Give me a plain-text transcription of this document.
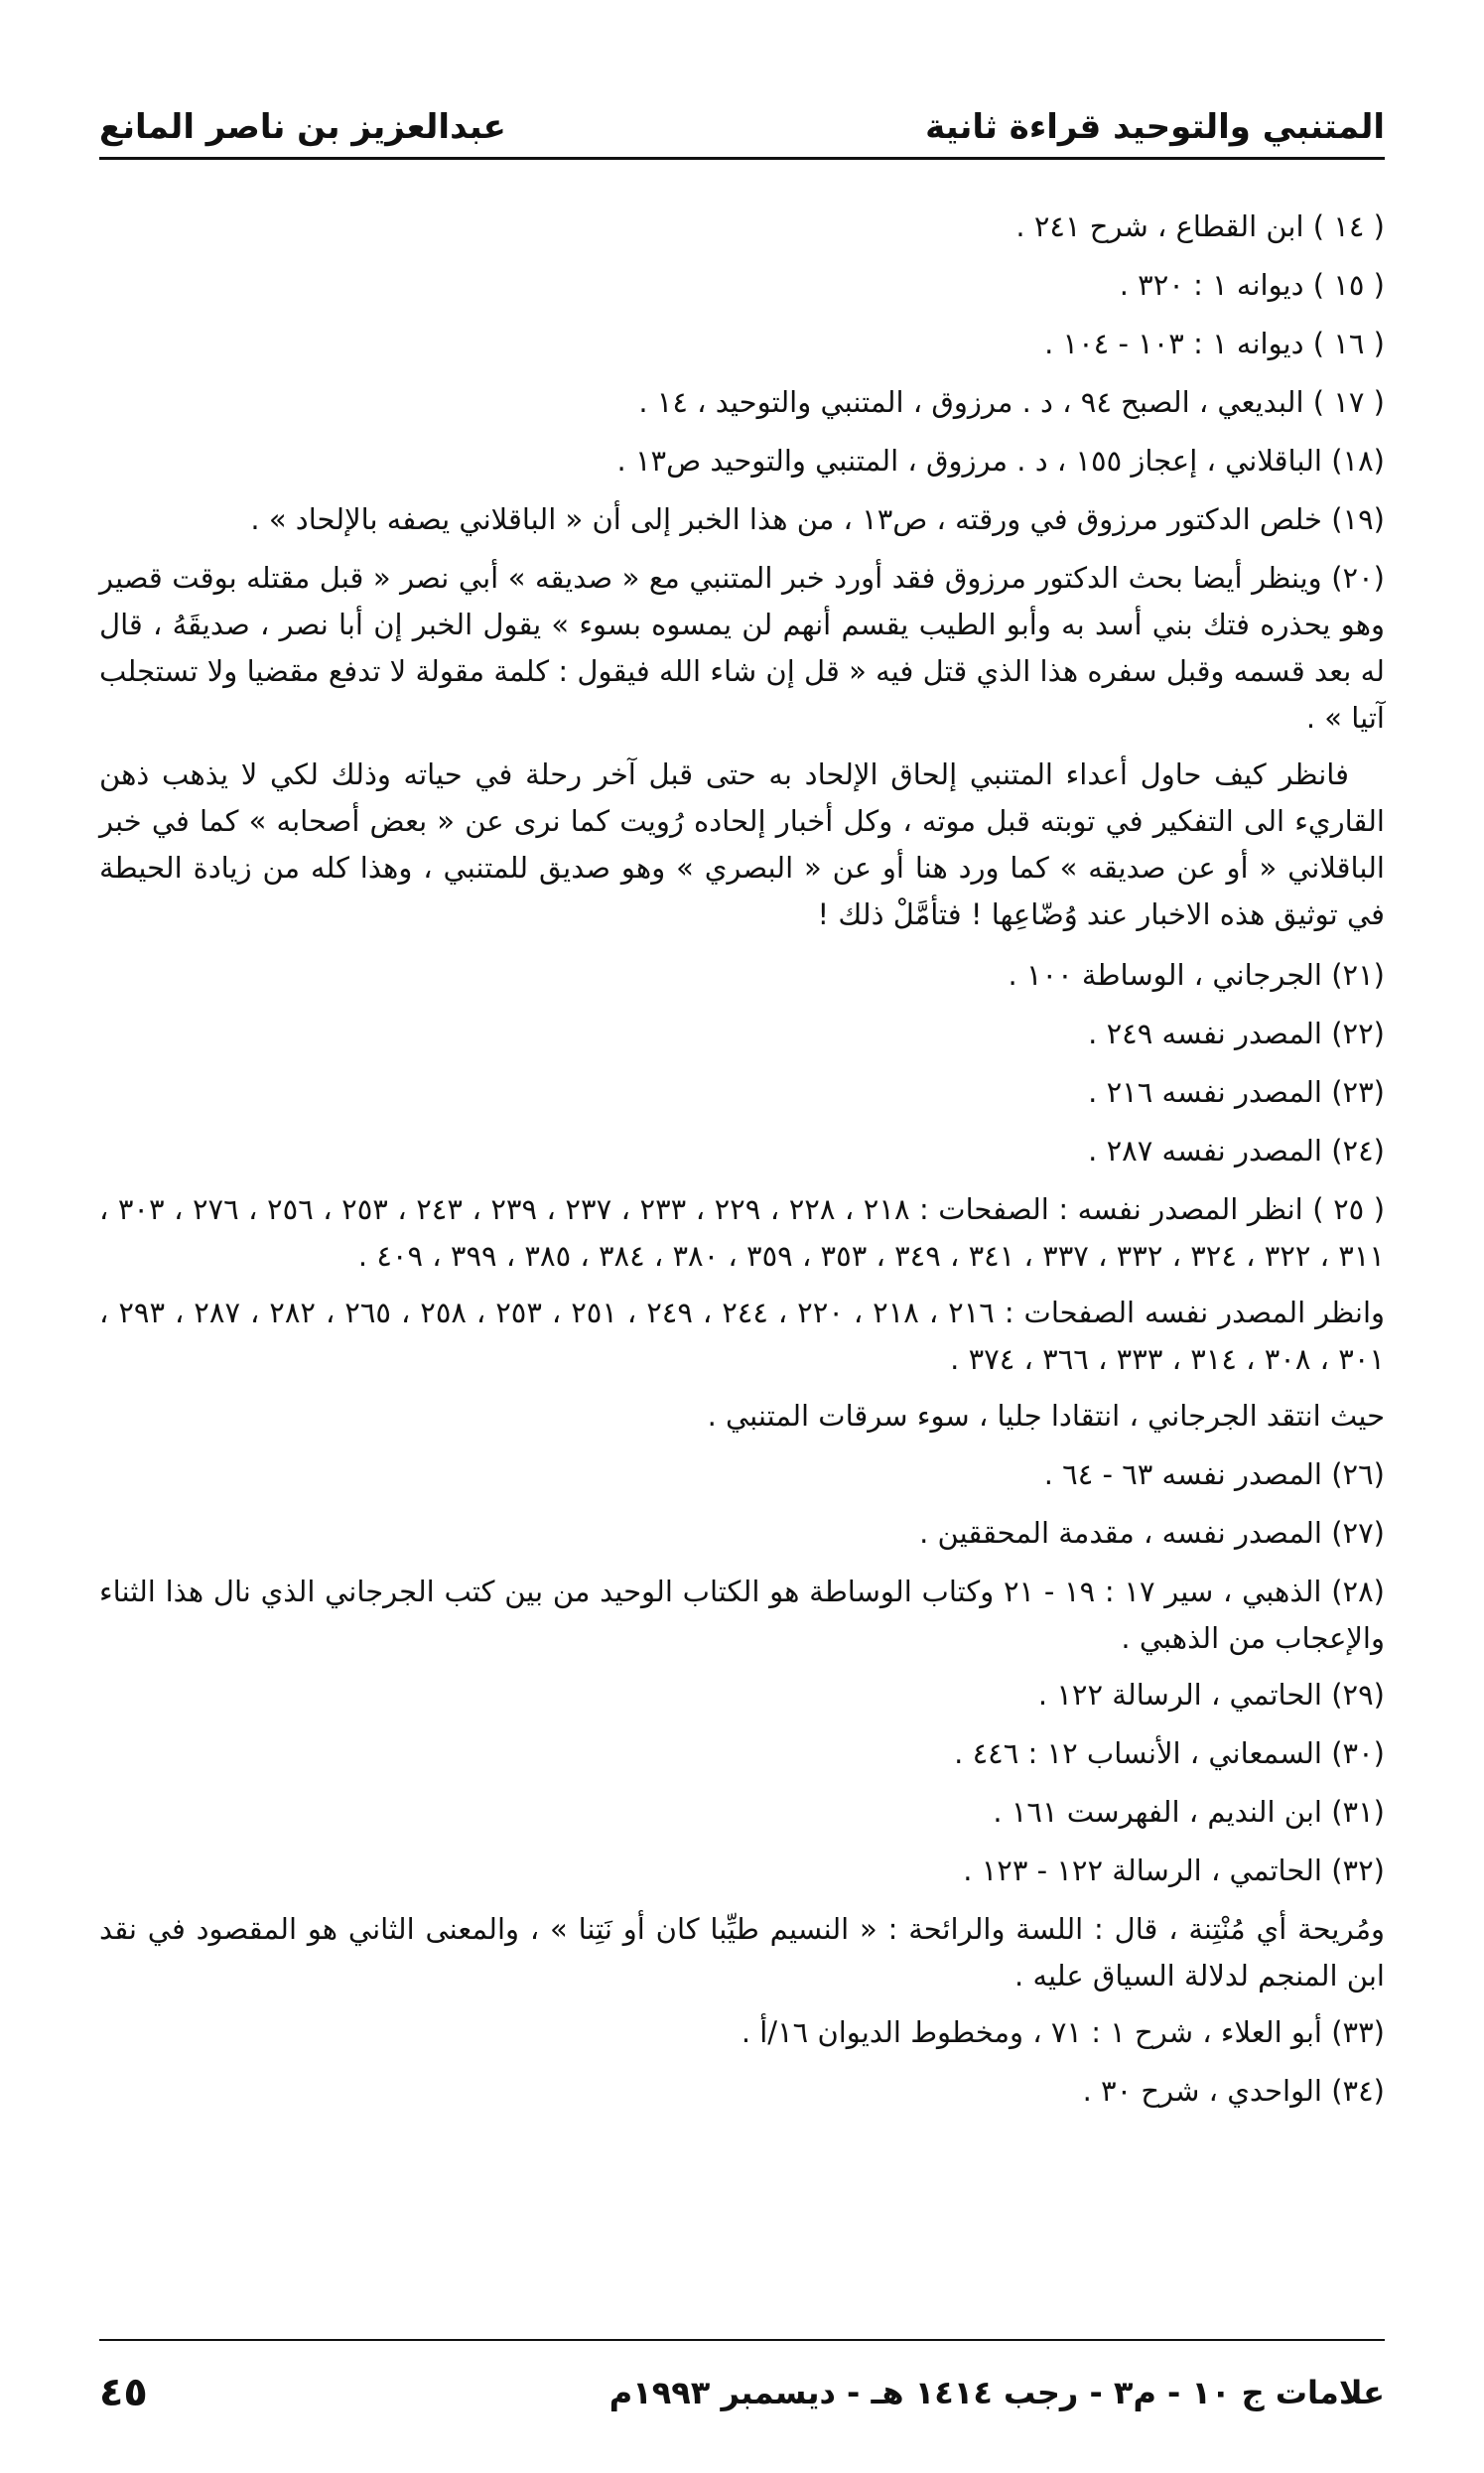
المتنبي والتوحيد قراءة ثانية
عبدالعزيز بن ناصر المانع

( ١٤ ) ابن القطاع ، شرح ٢٤١ .

( ١٥ ) ديوانه ١ : ٣٢٠ .

( ١٦ ) ديوانه ١ : ١٠٣ - ١٠٤ .

( ١٧ ) البديعي ، الصبح ٩٤ ، د . مرزوق ، المتنبي والتوحيد ، ١٤ .

(١٨) الباقلاني ، إعجاز ١٥٥ ، د . مرزوق ، المتنبي والتوحيد ص١٣ .

(١٩) خلص الدكتور مرزوق في ورقته ، ص١٣ ، من هذا الخبر إلى أن « الباقلاني يصفه بالإلحاد » .

(٢٠) وينظر أيضا بحث الدكتور مرزوق فقد أورد خبر المتنبي مع « صديقه » أبي نصر « قبل مقتله بوقت قصير وهو يحذره فتك بني أسد به وأبو الطيب يقسم أنهم لن يمسوه بسوء » يقول الخبر إن أبا نصر ، صديقَهُ ، قال له بعد قسمه وقبل سفره هذا الذي قتل فيه « قل إن شاء الله فيقول : كلمة مقولة لا تدفع مقضيا ولا تستجلب آتيا » .

فانظر كيف حاول أعداء المتنبي إلحاق الإلحاد به حتى قبل آخر رحلة في حياته وذلك لكي لا يذهب ذهن القاريء الى التفكير في توبته قبل موته ، وكل أخبار إلحاده رُويت كما نرى عن « بعض أصحابه » كما في خبر الباقلاني « أو عن صديقه » كما ورد هنا أو عن « البصري » وهو صديق للمتنبي ، وهذا كله من زيادة الحيطة في توثيق هذه الاخبار عند وُضّاعِها ! فتأمَّلْ ذلك !

(٢١) الجرجاني ، الوساطة ١٠٠ .

(٢٢) المصدر نفسه ٢٤٩ .

(٢٣) المصدر نفسه ٢١٦ .

(٢٤) المصدر نفسه ٢٨٧ .

( ٢٥ ) انظر المصدر نفسه : الصفحات : ٢١٨ ، ٢٢٨ ، ٢٢٩ ، ٢٣٣ ، ٢٣٧ ، ٢٣٩ ، ٢٤٣ ، ٢٥٣ ، ٢٥٦ ، ٢٧٦ ، ٣٠٣ ، ٣١١ ، ٣٢٢ ، ٣٢٤ ، ٣٣٢ ، ٣٣٧ ، ٣٤١ ، ٣٤٩ ، ٣٥٣ ، ٣٥٩ ، ٣٨٠ ، ٣٨٤ ، ٣٨٥ ، ٣٩٩ ، ٤٠٩ .

وانظر المصدر نفسه الصفحات : ٢١٦ ، ٢١٨ ، ٢٢٠ ، ٢٤٤ ، ٢٤٩ ، ٢٥١ ، ٢٥٣ ، ٢٥٨ ، ٢٦٥ ، ٢٨٢ ، ٢٨٧ ، ٢٩٣ ، ٣٠١ ، ٣٠٨ ، ٣١٤ ، ٣٣٣ ، ٣٦٦ ، ٣٧٤ .

حيث انتقد الجرجاني ، انتقادا جليا ، سوء سرقات المتنبي .

(٢٦) المصدر نفسه ٦٣ - ٦٤ .

(٢٧) المصدر نفسه ، مقدمة المحققين .

(٢٨) الذهبي ، سير ١٧ : ١٩ - ٢١ وكتاب الوساطة هو الكتاب الوحيد من بين كتب الجرجاني الذي نال هذا الثناء والإعجاب من الذهبي .

(٢٩) الحاتمي ، الرسالة ١٢٢ .

(٣٠) السمعاني ، الأنساب ١٢ : ٤٤٦ .

(٣١) ابن النديم ، الفهرست ١٦١ .

(٣٢) الحاتمي ، الرسالة ١٢٢ - ١٢٣ .

ومُريحة أي مُنْتِنة ، قال : اللسة والرائحة : « النسيم طيِّبا كان أو نَتِنا » ، والمعنى الثاني هو المقصود في نقد ابن المنجم لدلالة السياق عليه .

(٣٣) أبو العلاء ، شرح ١ : ٧١ ، ومخطوط الديوان ١٦/أ .

(٣٤) الواحدي ، شرح ٣٠ .

علامات ج ١٠ - م٣ - رجب ١٤١٤ هـ - ديسمبر ١٩٩٣م
٤٥
